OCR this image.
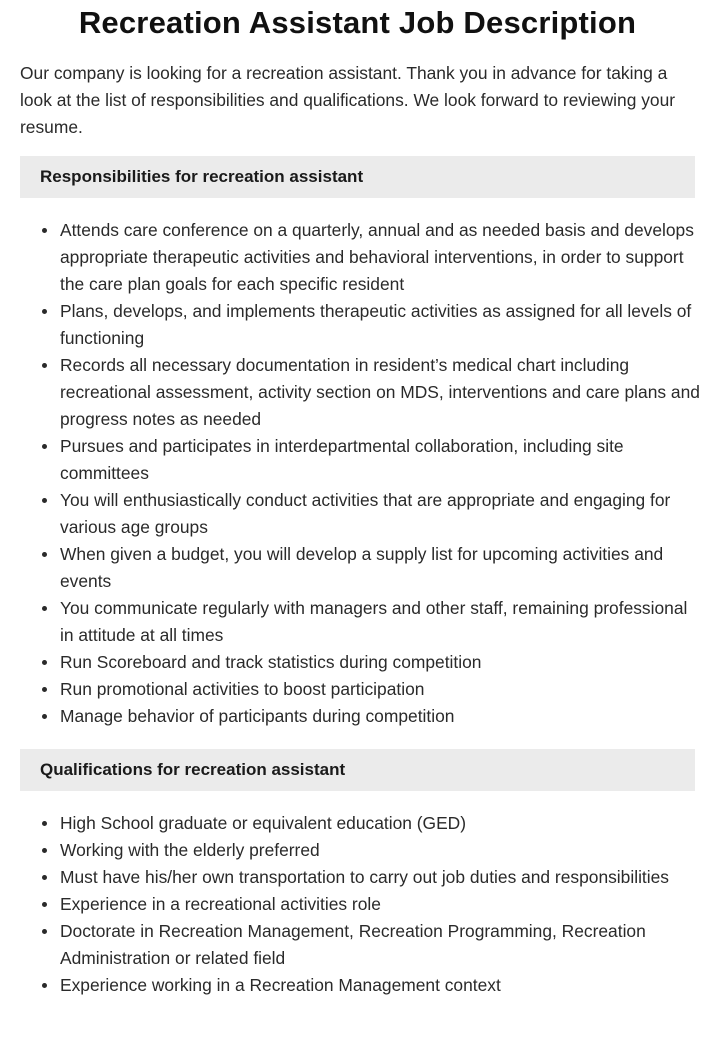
Recreation Assistant Job Description

Our company is looking for a recreation assistant. Thank you in advance for taking a look at the list of responsibilities and qualifications. We look forward to reviewing your resume.

Responsibilities for recreation assistant
Attends care conference on a quarterly, annual and as needed basis and develops appropriate therapeutic activities and behavioral interventions, in order to support the care plan goals for each specific resident
Plans, develops, and implements therapeutic activities as assigned for all levels of functioning
Records all necessary documentation in resident’s medical chart including recreational assessment, activity section on MDS, interventions and care plans and progress notes as needed
Pursues and participates in interdepartmental collaboration, including site committees
You will enthusiastically conduct activities that are appropriate and engaging for various age groups
When given a budget, you will develop a supply list for upcoming activities and events
You communicate regularly with managers and other staff, remaining professional in attitude at all times
Run Scoreboard and track statistics during competition
Run promotional activities to boost participation
Manage behavior of participants during competition
Qualifications for recreation assistant
High School graduate or equivalent education (GED)
Working with the elderly preferred
Must have his/her own transportation to carry out job duties and responsibilities
Experience in a recreational activities role
Doctorate in Recreation Management, Recreation Programming, Recreation Administration or related field
Experience working in a Recreation Management context
